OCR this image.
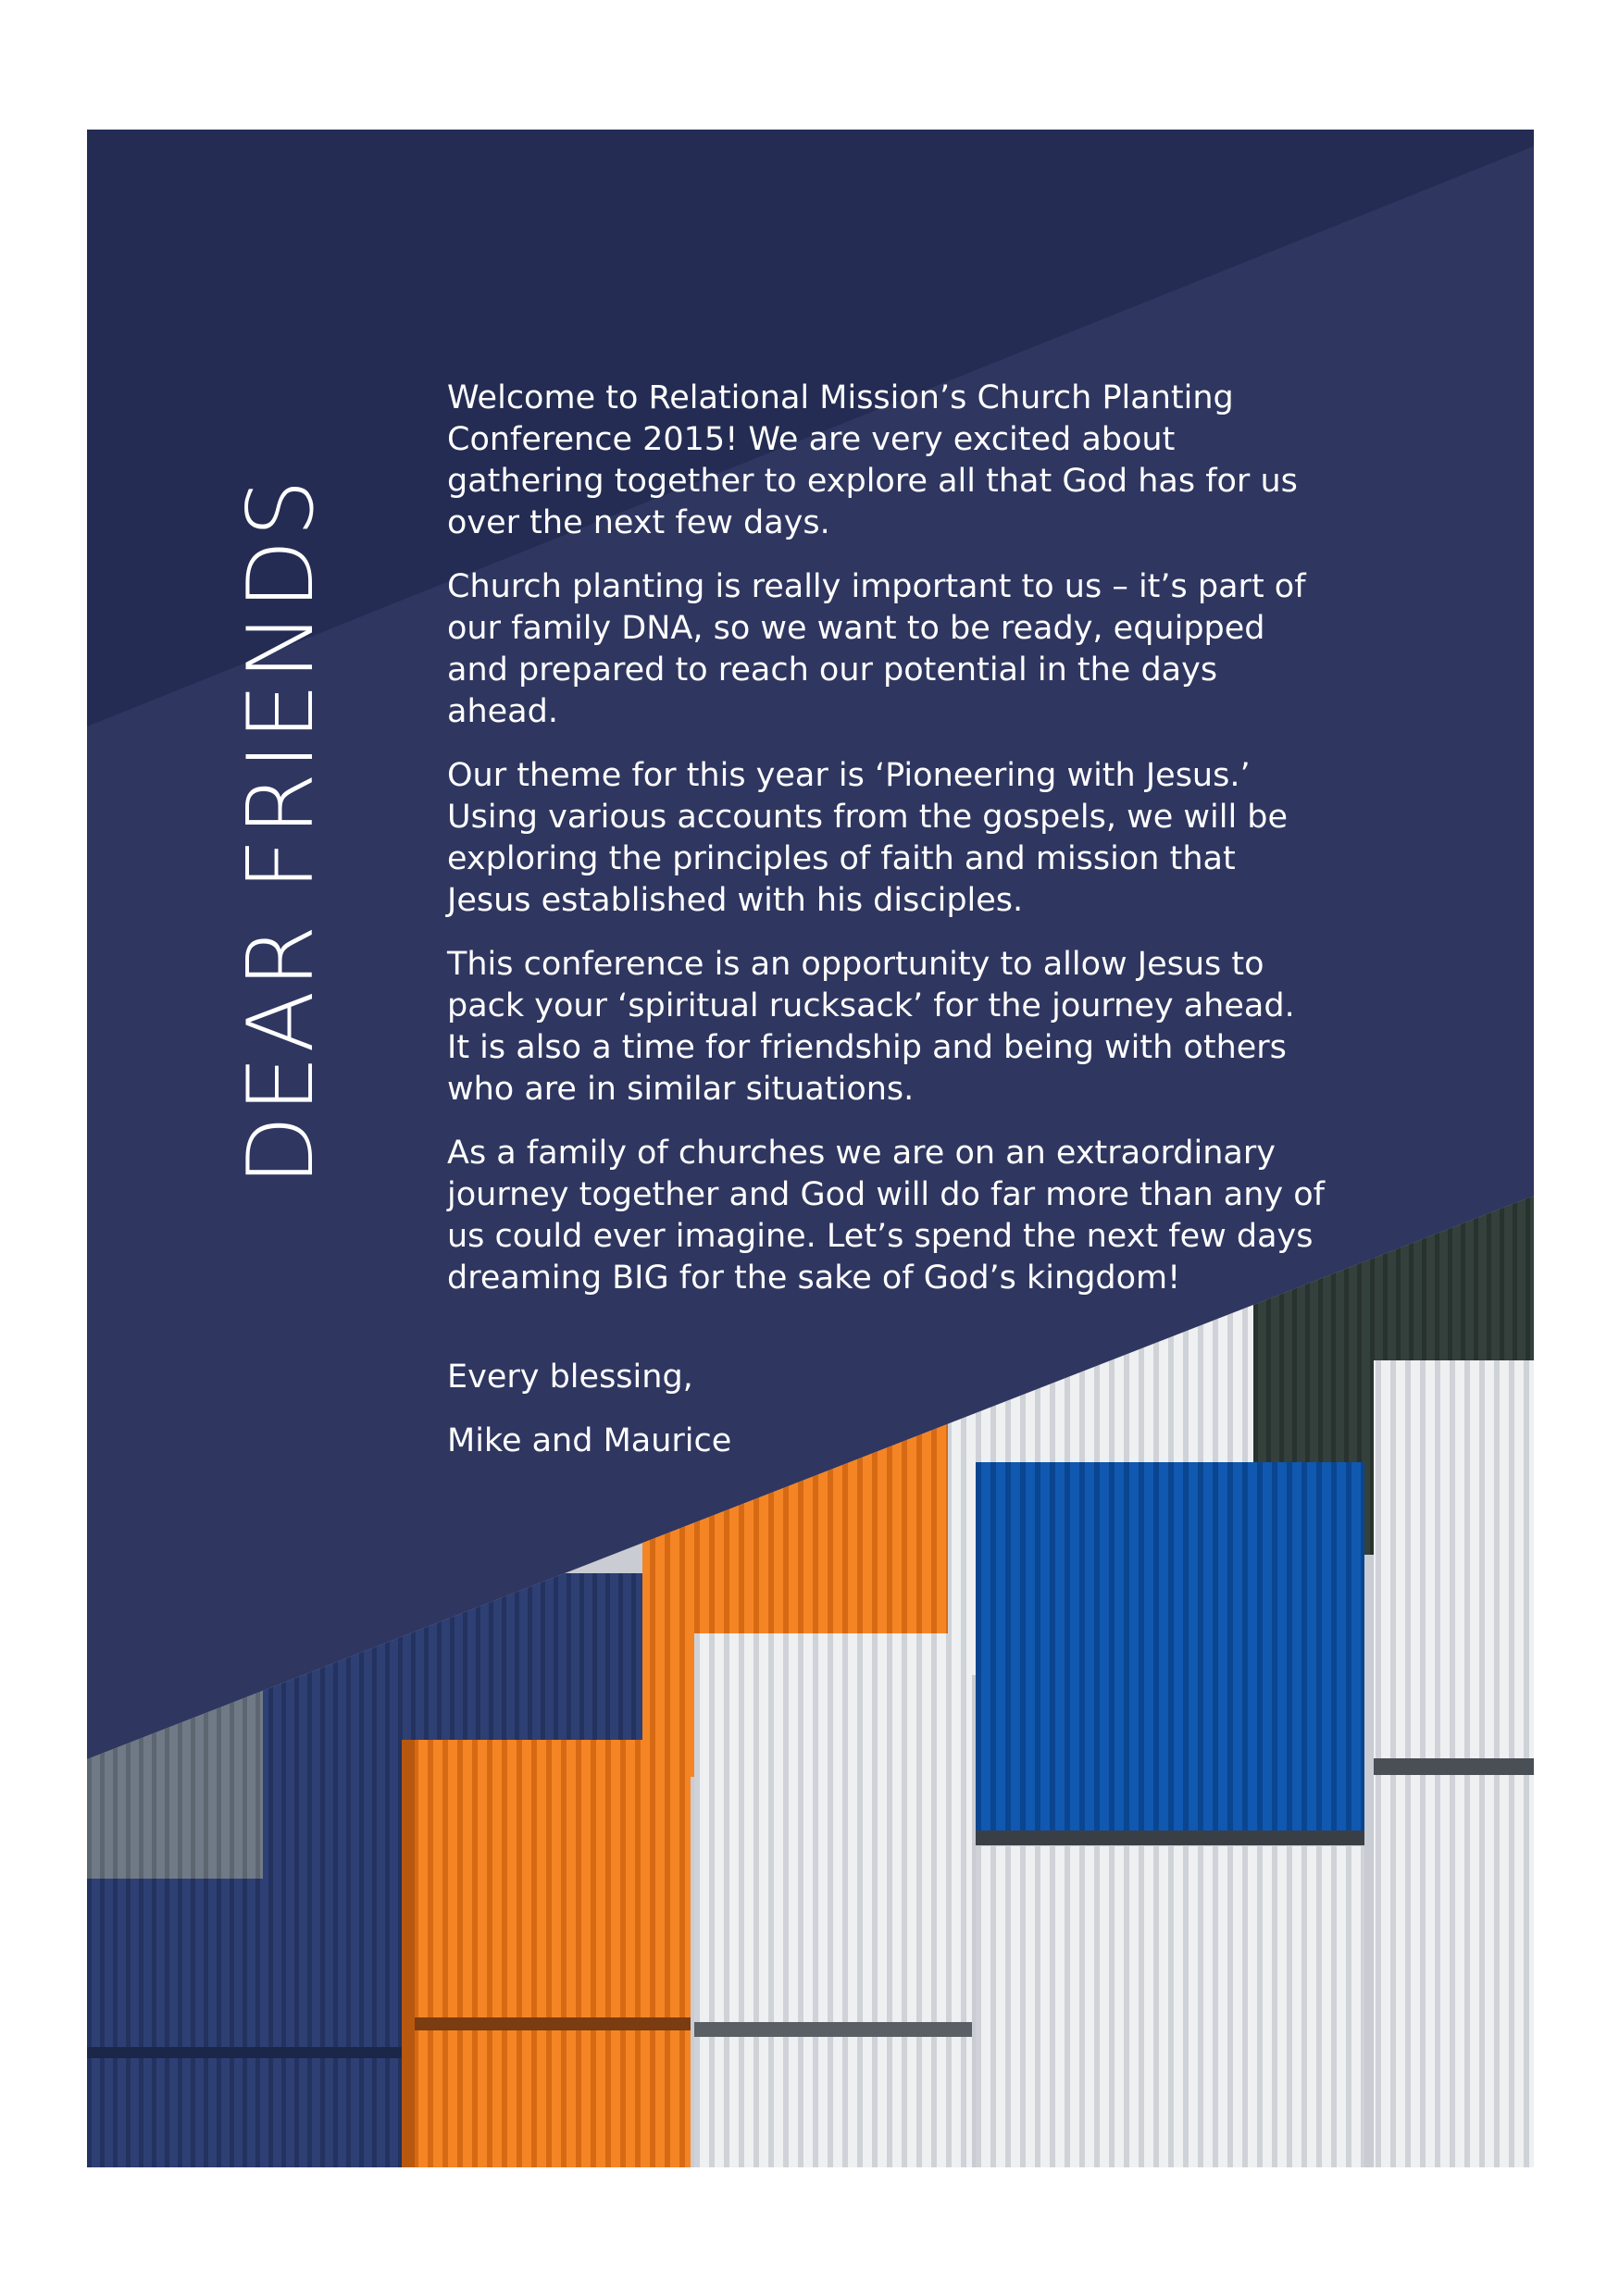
DEAR FRIENDS

Welcome to Relational Mission’s Church Planting Conference 2015! We are very excited about gathering together to explore all that God has for us over the next few days.

Church planting is really important to us – it’s part of our family DNA, so we want to be ready, equipped and prepared to reach our potential in the days ahead.

Our theme for this year is ‘Pioneering with Jesus.’ Using various accounts from the gospels, we will be exploring the principles of faith and mission that Jesus established with his disciples.

This conference is an opportunity to allow Jesus to pack your ‘spiritual rucksack’ for the journey ahead. It is also a time for friendship and being with others who are in similar situations.

As a family of churches we are on an extraordinary journey together and God will do far more than any of us could ever imagine. Let’s spend the next few days dreaming BIG for the sake of God’s kingdom!

Every blessing,

Mike and Maurice
